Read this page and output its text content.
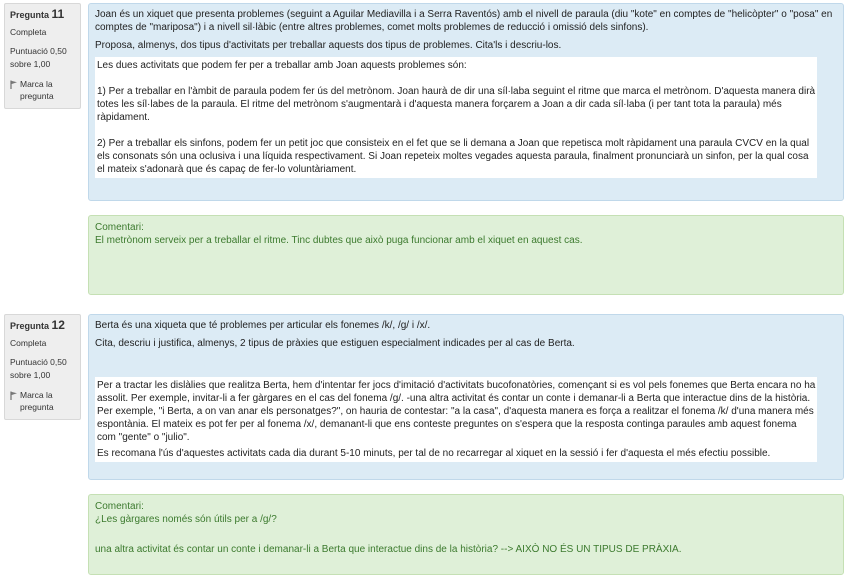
Pregunta 11
Completa
Puntuació 0,50
sobre 1,00
Marca la
pregunta

Joan és un xiquet que presenta problemes (seguint a Aguilar Mediavilla i a Serra Raventós) amb el nivell de paraula (diu "kote" en comptes de "helicòpter" o "posa" en comptes de "mariposa") i a nivell sil·làbic (entre altres problemes, comet molts problemes de reducció i omissió dels sinfons).

Proposa, almenys, dos tipus d'activitats per treballar aquests dos tipus de problemes. Cita'ls i descriu-los.

Les dues activitats que podem fer per a treballar amb Joan aquests problemes són:

1) Per a treballar en l'àmbit de paraula podem fer ús del metrònom. Joan haurà de dir una síl·laba seguint el ritme que marca el metrònom. D'aquesta manera dirà totes les síl·labes de la paraula. El ritme del metrònom s'augmentarà i d'aquesta manera forçarem a Joan a dir cada síl·laba (i per tant tota la paraula) més ràpidament.

2) Per a treballar els sinfons, podem fer un petit joc que consisteix en el fet que se li demana a Joan que repetisca molt ràpidament una paraula CVCV en la qual els consonats són una oclusiva i una líquida respectivament. Si Joan repeteix moltes vegades aquesta paraula, finalment pronunciarà un sinfon, per la qual cosa el mateix s'adonarà que és capaç de fer-lo voluntàriament.

Comentari:

El metrònom serveix per a treballar el ritme. Tinc dubtes que això puga funcionar amb el xiquet en aquest cas.

Pregunta 12
Completa
Puntuació 0,50
sobre 1,00
Marca la
pregunta

Berta és una xiqueta que té problemes per articular els fonemes /k/, /g/ i /x/.

Cita, descriu i justifica, almenys, 2 tipus de pràxies que estiguen especialment indicades per al cas de Berta.

Per a tractar les dislàlies que realitza Berta, hem d'intentar fer jocs d'imitació d'activitats bucofonatòries, començant si es vol pels fonemes que Berta encara no ha assolit. Per exemple, invitar-li a fer gàrgares en el cas del fonema /g/. -una altra activitat és contar un conte i demanar-li a Berta que interactue dins de la història. Per exemple, "i Berta, a on van anar els personatges?", on hauria de contestar: "a la casa", d'aquesta manera es força a realitzar el fonema /k/ d'una manera més espontània. El mateix es pot fer per al fonema /x/, demanant-li que ens conteste preguntes on s'espera que la resposta continga paraules amb aquest fonema com "gente" o "julio".

Es recomana l'ús d'aquestes activitats cada dia durant 5-10 minuts, per tal de no recarregar al xiquet en la sessió i fer d'aquesta el més efectiu possible.

Comentari:

¿Les gàrgares només són útils per a /g/?

una altra activitat és contar un conte i demanar-li a Berta que interactue dins de la història? --> AIXÒ NO ÉS UN TIPUS DE PRÀXIA.
